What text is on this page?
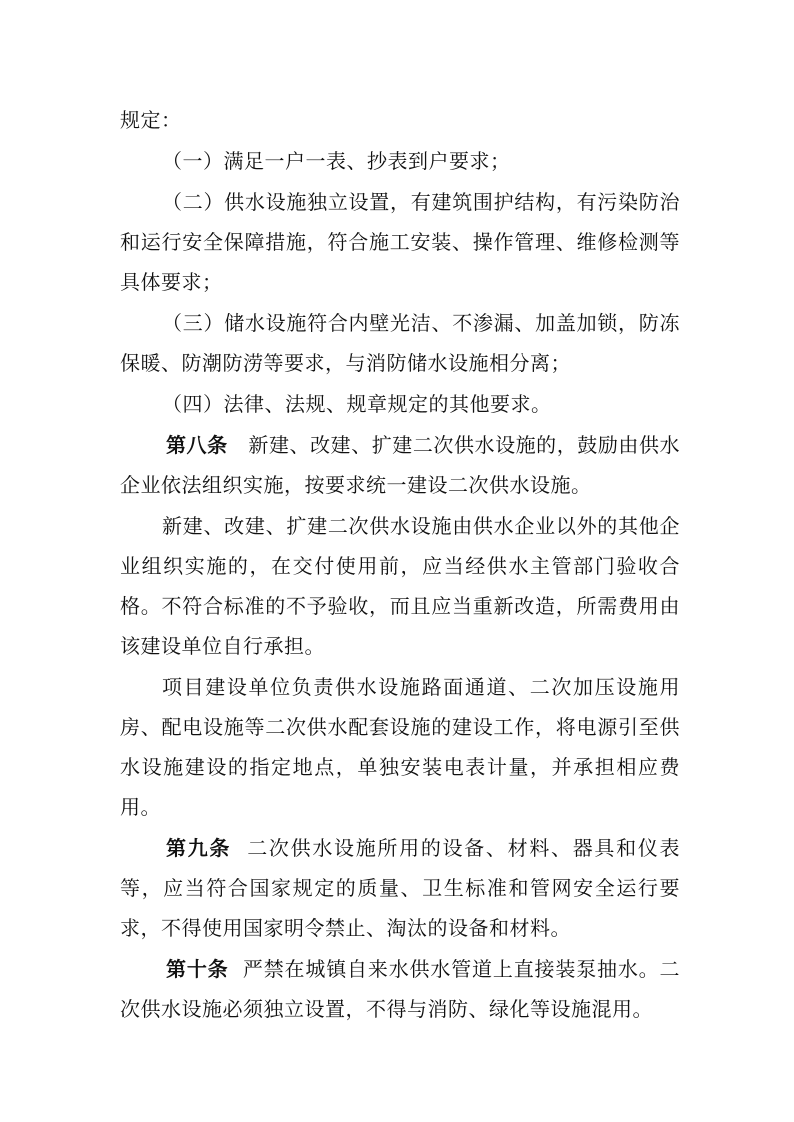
规定：

（一）满足一户一表、抄表到户要求；

（二）供水设施独立设置，有建筑围护结构，有污染防治和运行安全保障措施，符合施工安装、操作管理、维修检测等具体要求；

（三）储水设施符合内壁光洁、不渗漏、加盖加锁，防冻保暖、防潮防涝等要求，与消防储水设施相分离；

（四）法律、法规、规章规定的其他要求。

第八条 新建、改建、扩建二次供水设施的，鼓励由供水企业依法组织实施，按要求统一建设二次供水设施。

新建、改建、扩建二次供水设施由供水企业以外的其他企业组织实施的，在交付使用前，应当经供水主管部门验收合格。不符合标准的不予验收，而且应当重新改造，所需费用由该建设单位自行承担。

项目建设单位负责供水设施路面通道、二次加压设施用房、配电设施等二次供水配套设施的建设工作，将电源引至供水设施建设的指定地点，单独安装电表计量，并承担相应费用。

第九条 二次供水设施所用的设备、材料、器具和仪表等，应当符合国家规定的质量、卫生标准和管网安全运行要求，不得使用国家明令禁止、淘汰的设备和材料。

第十条 严禁在城镇自来水供水管道上直接装泵抽水。二次供水设施必须独立设置，不得与消防、绿化等设施混用。
